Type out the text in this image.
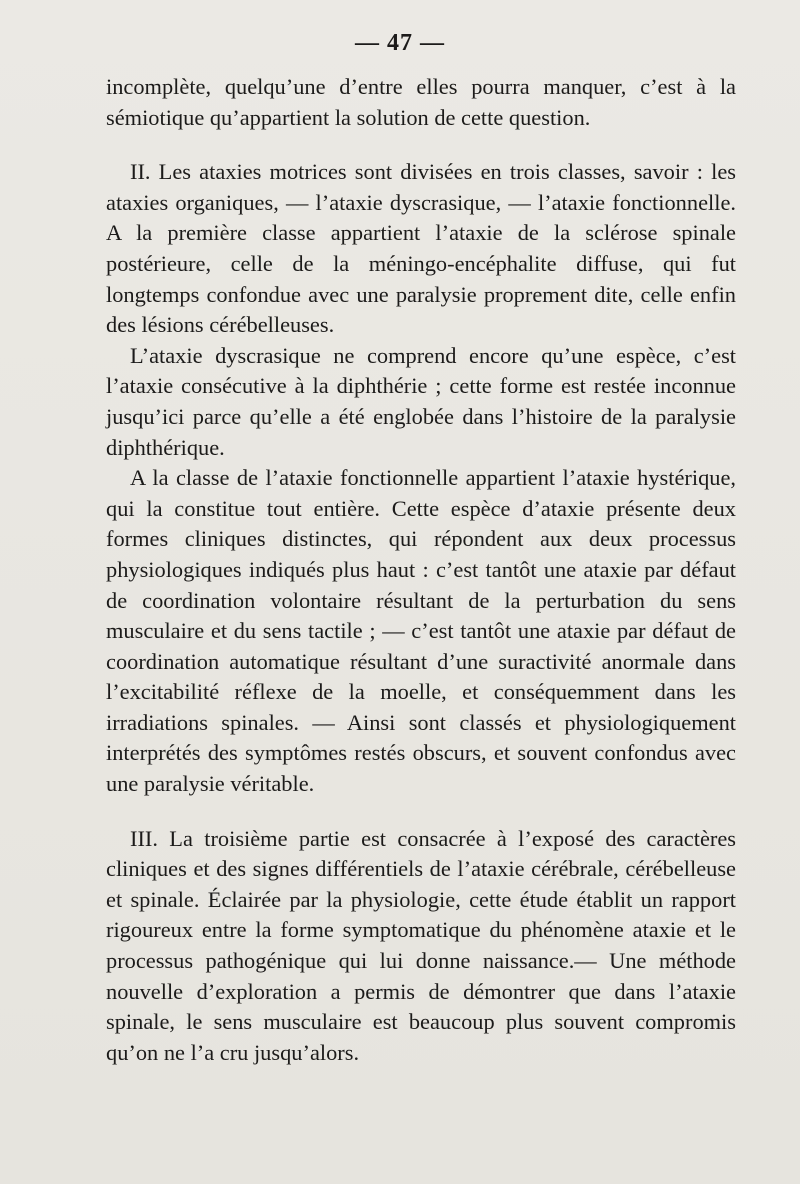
— 47 —

incomplète, quelqu’une d’entre elles pourra manquer, c’est à la sémiotique qu’appartient la solution de cette question.

II. Les ataxies motrices sont divisées en trois classes, savoir : les ataxies organiques, — l’ataxie dyscrasique, — l’ataxie fonctionnelle. A la première classe appartient l’ataxie de la sclérose spinale postérieure, celle de la méningo-encéphalite diffuse, qui fut longtemps confondue avec une paralysie proprement dite, celle enfin des lésions cérébelleuses.

L’ataxie dyscrasique ne comprend encore qu’une espèce, c’est l’ataxie consécutive à la diphthérie ; cette forme est restée inconnue jusqu’ici parce qu’elle a été englobée dans l’histoire de la paralysie diphthérique.

A la classe de l’ataxie fonctionnelle appartient l’ataxie hystérique, qui la constitue tout entière. Cette espèce d’ataxie présente deux formes cliniques distinctes, qui répondent aux deux processus physiologiques indiqués plus haut : c’est tantôt une ataxie par défaut de coordination volontaire résultant de la perturbation du sens musculaire et du sens tactile ; — c’est tantôt une ataxie par défaut de coordination automatique résultant d’une suractivité anormale dans l’excitabilité réflexe de la moelle, et conséquemment dans les irradiations spinales. — Ainsi sont classés et physiologiquement interprétés des symptômes restés obscurs, et souvent confondus avec une paralysie véritable.

III. La troisième partie est consacrée à l’exposé des caractères cliniques et des signes différentiels de l’ataxie cérébrale, cérébelleuse et spinale. Éclairée par la physiologie, cette étude établit un rapport rigoureux entre la forme symptomatique du phénomène ataxie et le processus pathogénique qui lui donne naissance.— Une méthode nouvelle d’exploration a permis de démontrer que dans l’ataxie spinale, le sens musculaire est beaucoup plus souvent compromis qu’on ne l’a cru jusqu’alors.
